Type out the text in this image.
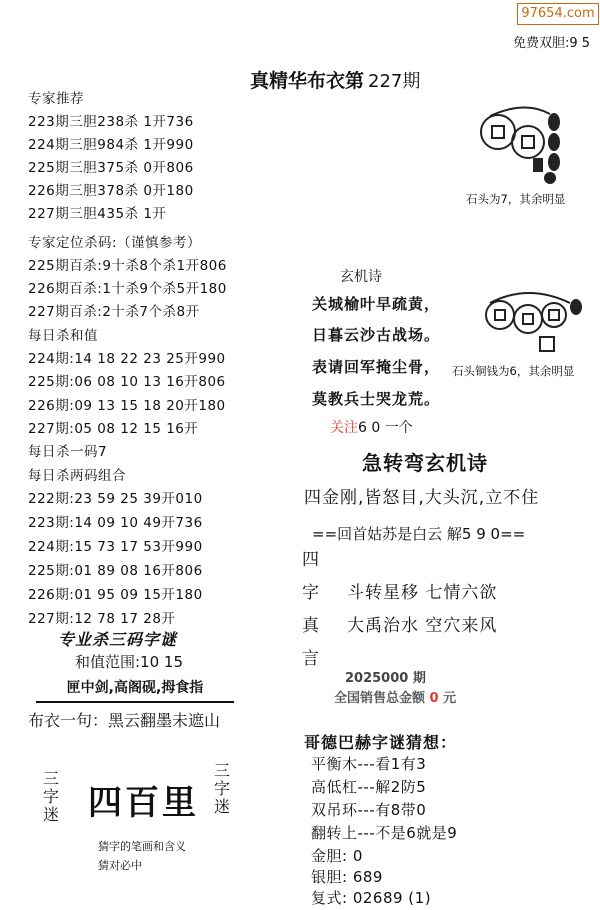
97654.com
免费双胆:9 5
真精华布衣第 227期
专家推荐
223期三胆238杀 1开736
224期三胆984杀 1开990
225期三胆375杀 0开806
226期三胆378杀 0开180
227期三胆435杀 1开
专家定位杀码:（谨慎参考）
225期百杀:9十杀8个杀1开806
226期百杀:1十杀9个杀5开180
227期百杀:2十杀7个杀8开
每日杀和值
224期:14 18 22 23 25开990
225期:06 08 10 13 16开806
226期:09 13 15 18 20开180
227期:05 08 12 15 16开
每日杀一码7
每日杀两码组合
222期:23 59 25 39开010
223期:14 09 10 49开736
224期:15 73 17 53开990
225期:01 89 08 16开806
226期:01 95 09 15开180
227期:12 78 17 28开
专业杀三码字谜
和值范围:10 15
匣中剑,高阁砚,拇食指
布衣一句：黑云翻墨未遮山
三字迷 四百里
三字迷
猜字的笔画和含义
猜对必中
石头为7，其余明显
石头铜钱为6，其余明显
玄机诗
关城榆叶早疏黄，
日暮云沙古战场。
表请回军掩尘骨，
莫教兵士哭龙荒。
关注6 0 一个
急转弯玄机诗
四金刚,皆怒目,大头沉,立不住
==回首姑苏是白云 解5 9 0==
四
字 斗转星移 七情六欲
真 大禹治水 空穴来风
言
2025000 期
全国销售总金额 0 元
哥德巴赫字谜猜想：
平衡木---看1有3
高低杠---解2防5
双吊环---有8带0
翻转上---不是6就是9
金胆: 0
银胆: 689
复式: 02689 (1)
